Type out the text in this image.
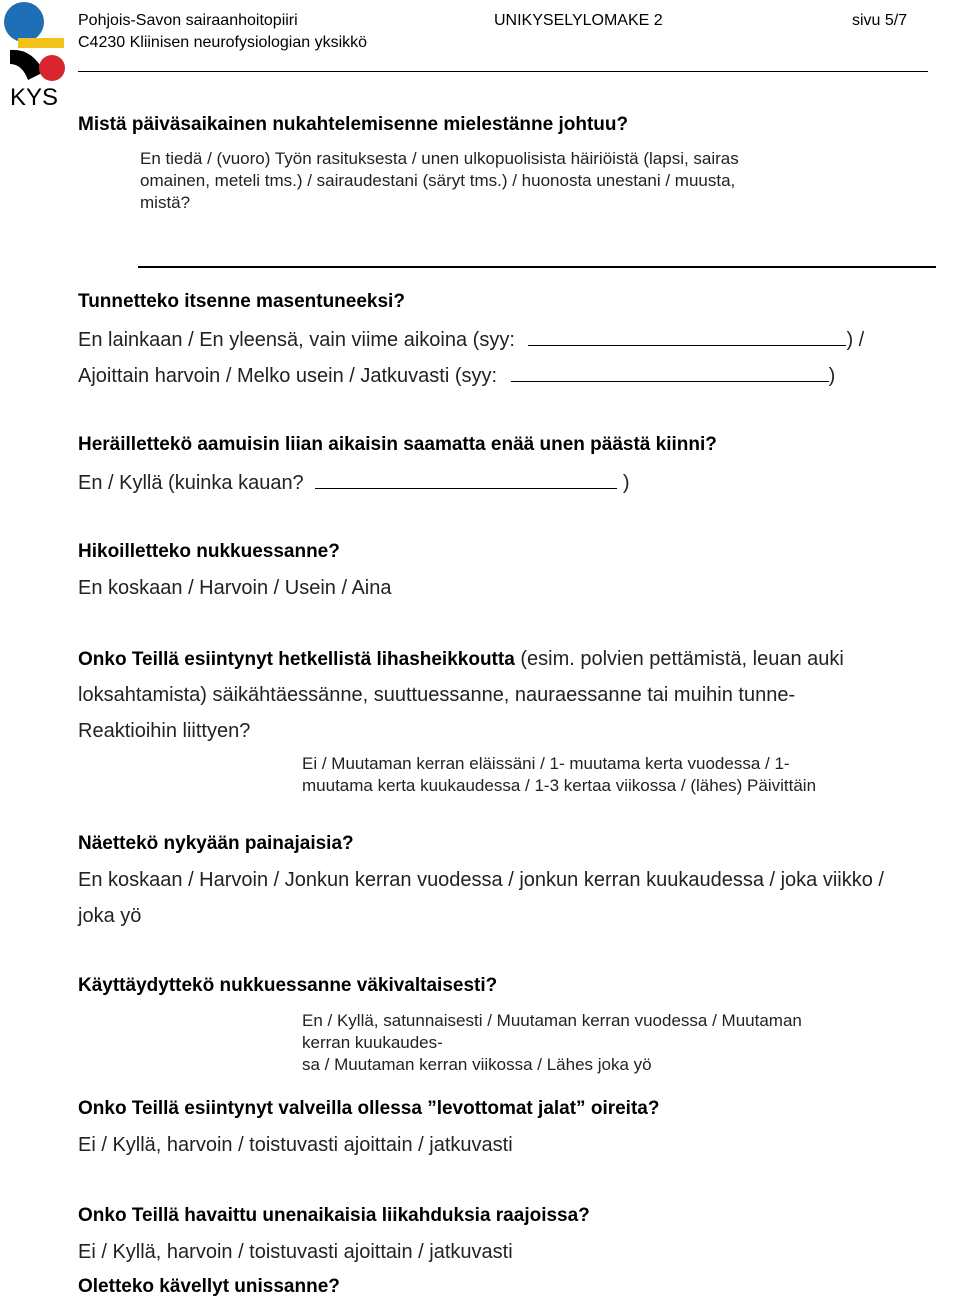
KYS
Pohjois-Savon sairaanhoitopiiri
C4230 Kliinisen neurofysiologian yksikkö
UNIKYSELYLOMAKE 2	sivu 5/7
Mistä päiväsaikainen nukahtelemisenne mielestänne johtuu?
En tiedä / (vuoro) Työn rasituksesta / unen ulkopuolisista häiriöistä (lapsi, sairas
omainen, meteli tms.) / sairaudestani (säryt tms.) / huonosta unestani / muusta,
mistä?
Tunnetteko itsenne masentuneeksi?
En lainkaan / En yleensä, vain viime aikoina (syy:	) /
Ajoittain harvoin / Melko usein / Jatkuvasti (syy:	)
Heräillettekö aamuisin liian aikaisin saamatta enää unen päästä kiinni?
En / Kyllä (kuinka kauan?	)
Hikoilletteko nukkuessanne?
En koskaan / Harvoin / Usein / Aina
Onko Teillä esiintynyt hetkellistä lihasheikkoutta (esim. polvien pettämistä, leuan auki
loksahtamista) säikähtäessänne, suuttuessanne, nauraessanne tai muihin tunne-
Reaktioihin liittyen?
Ei / Muutaman kerran eläissäni / 1- muutama kerta vuodessa / 1-
muutama kerta kuukaudessa / 1-3 kertaa viikossa / (lähes) Päivittäin
Näettekö nykyään painajaisia?
En koskaan / Harvoin / Jonkun kerran vuodessa / jonkun kerran kuukaudessa / joka viikko /
joka yö
Käyttäydyttekö nukkuessanne väkivaltaisesti?
En / Kyllä, satunnaisesti / Muutaman kerran vuodessa / Muutaman
kerran kuukaudes-
sa / Muutaman kerran viikossa / Lähes joka yö
Onko Teillä esiintynyt valveilla ollessa ”levottomat jalat” oireita?
Ei / Kyllä, harvoin / toistuvasti ajoittain / jatkuvasti
Onko Teillä havaittu unenaikaisia liikahduksia raajoissa?
Ei / Kyllä, harvoin / toistuvasti ajoittain / jatkuvasti
Oletteko kävellyt unissanne?
